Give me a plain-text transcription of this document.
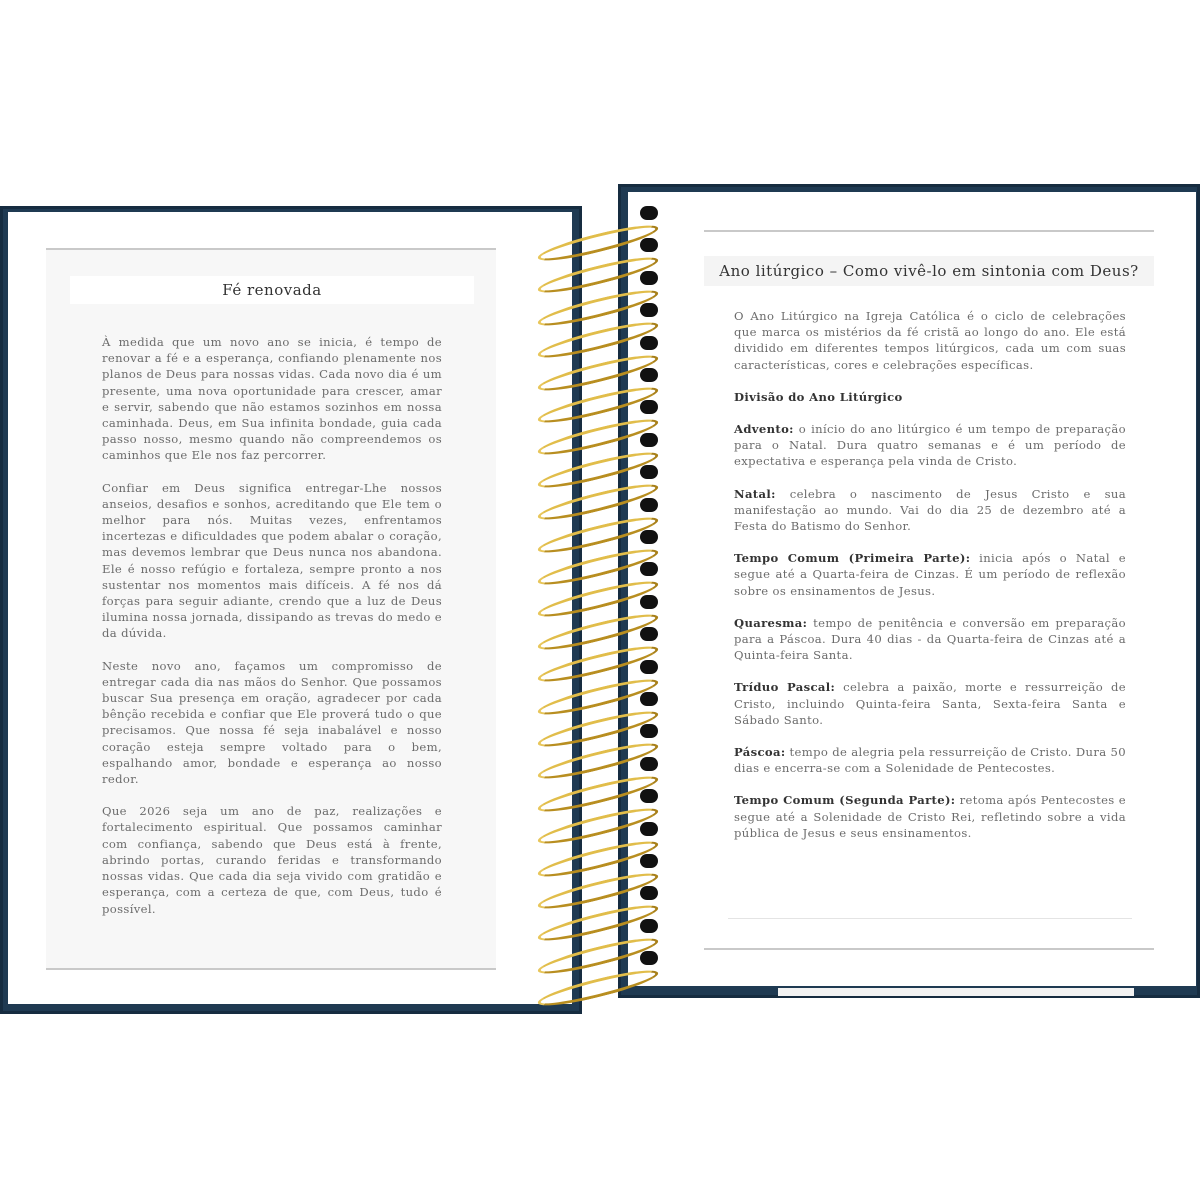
Fé renovada

À medida que um novo ano se inicia, é tempo de renovar a fé e a esperança, confiando plenamente nos planos de Deus para nossas vidas. Cada novo dia é um presente, uma nova oportunidade para crescer, amar e servir, sabendo que não estamos sozinhos em nossa caminhada. Deus, em Sua infinita bondade, guia cada passo nosso, mesmo quando não compreendemos os caminhos que Ele nos faz percorrer.

Confiar em Deus significa entregar-Lhe nossos anseios, desafios e sonhos, acreditando que Ele tem o melhor para nós. Muitas vezes, enfrentamos incertezas e dificuldades que podem abalar o coração, mas devemos lembrar que Deus nunca nos abandona. Ele é nosso refúgio e fortaleza, sempre pronto a nos sustentar nos momentos mais difíceis. A fé nos dá forças para seguir adiante, crendo que a luz de Deus ilumina nossa jornada, dissipando as trevas do medo e da dúvida.

Neste novo ano, façamos um compromisso de entregar cada dia nas mãos do Senhor. Que possamos buscar Sua presença em oração, agradecer por cada bênção recebida e confiar que Ele proverá tudo o que precisamos. Que nossa fé seja inabalável e nosso coração esteja sempre voltado para o bem, espalhando amor, bondade e esperança ao nosso redor.

Que 2026 seja um ano de paz, realizações e fortalecimento espiritual. Que possamos caminhar com confiança, sabendo que Deus está à frente, abrindo portas, curando feridas e transformando nossas vidas. Que cada dia seja vivido com gratidão e esperança, com a certeza de que, com Deus, tudo é possível.

Ano litúrgico – Como vivê-lo em sintonia com Deus?

O Ano Litúrgico na Igreja Católica é o ciclo de celebrações que marca os mistérios da fé cristã ao longo do ano. Ele está dividido em diferentes tempos litúrgicos, cada um com suas características, cores e celebrações específicas.

Divisão do Ano Litúrgico

Advento: o início do ano litúrgico é um tempo de preparação para o Natal. Dura quatro semanas e é um período de expectativa e esperança pela vinda de Cristo.

Natal: celebra o nascimento de Jesus Cristo e sua manifestação ao mundo. Vai do dia 25 de dezembro até a Festa do Batismo do Senhor.

Tempo Comum (Primeira Parte): inicia após o Natal e segue até a Quarta-feira de Cinzas. É um período de reflexão sobre os ensinamentos de Jesus.

Quaresma: tempo de penitência e conversão em preparação para a Páscoa. Dura 40 dias - da Quarta-feira de Cinzas até a Quinta-feira Santa.

Tríduo Pascal: celebra a paixão, morte e ressurreição de Cristo, incluindo Quinta-feira Santa, Sexta-feira Santa e Sábado Santo.

Páscoa: tempo de alegria pela ressurreição de Cristo. Dura 50 dias e encerra-se com a Solenidade de Pentecostes.

Tempo Comum (Segunda Parte): retoma após Pentecostes e segue até a Solenidade de Cristo Rei, refletindo sobre a vida pública de Jesus e seus ensinamentos.
